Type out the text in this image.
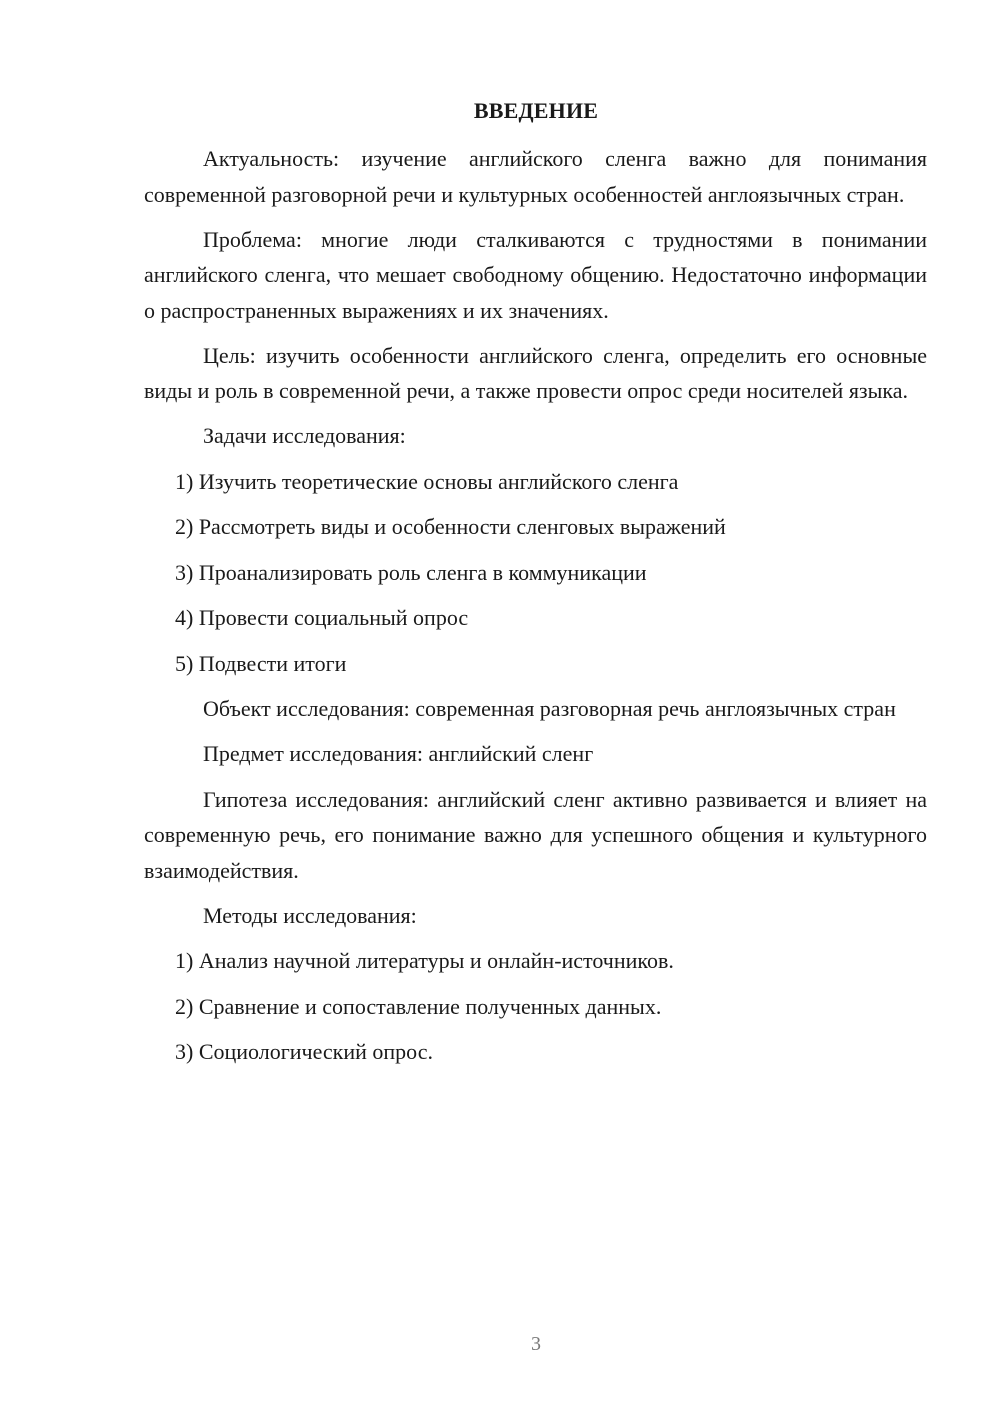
ВВЕДЕНИЕ

Актуальность: изучение английского сленга важно для понимания современной разговорной речи и культурных особенностей англоязычных стран.

Проблема: многие люди сталкиваются с трудностями в понимании английского сленга, что мешает свободному общению. Недостаточно информации о распространенных выражениях и их значениях.

Цель: изучить особенности английского сленга, определить его основные виды и роль в современной речи, а также провести опрос среди носителей языка.

Задачи исследования:
1) Изучить теоретические основы английского сленга
2) Рассмотреть виды и особенности сленговых выражений
3) Проанализировать роль сленга в коммуникации
4) Провести социальный опрос
5) Подвести итоги

Объект исследования: современная разговорная речь англоязычных стран

Предмет исследования: английский сленг

Гипотеза исследования: английский сленг активно развивается и влияет на современную речь, его понимание важно для успешного общения и культурного взаимодействия.

Методы исследования:
1) Анализ научной литературы и онлайн-источников.
2) Сравнение и сопоставление полученных данных.
3) Социологический опрос.
3
